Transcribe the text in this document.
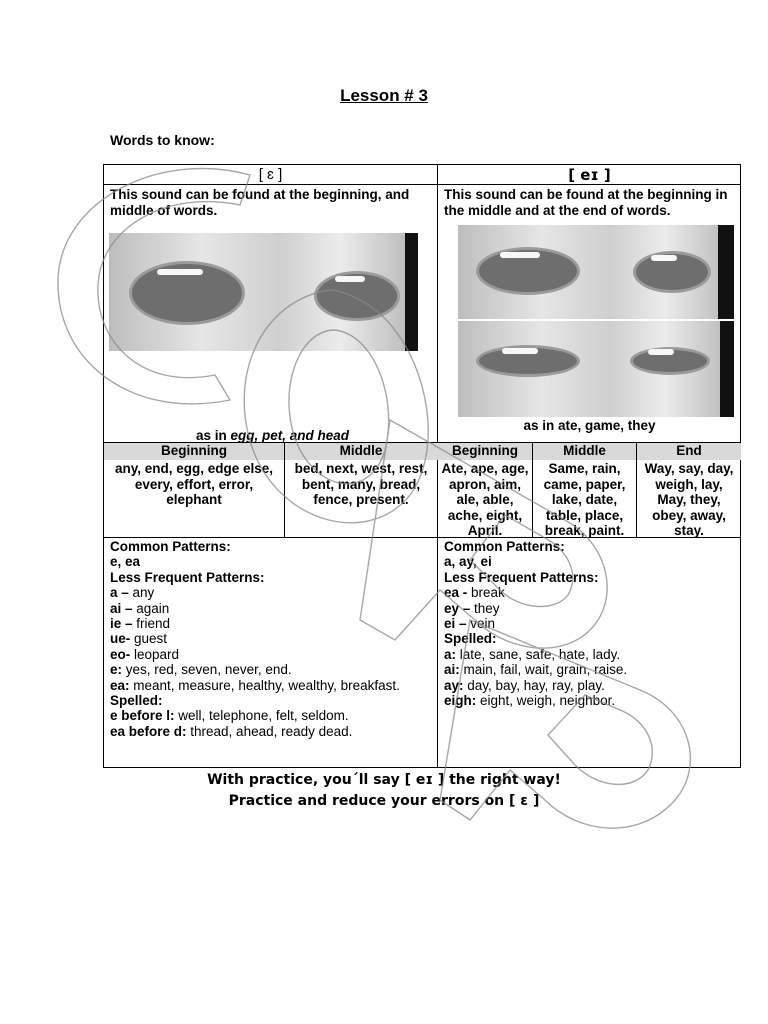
Lesson # 3
Words to know:
[ ɛ ]	[ eɪ ]
This sound can be found at the beginning, and middle of words.
This sound can be found at the beginning in the middle and at the end of words.
as in egg, pet, and head
as in ate, game, they
Beginning	Middle	Beginning	Middle	End
any, end, egg, edge else, every, effort, error, elephant
bed, next, west, rest, bent, many, bread, fence, present.
Ate, ape, age, apron, aim, ale, able, ache, eight, April.
Same, rain, came, paper, lake, date, table, place, break, paint.
Way, say, day, weigh, lay, May, they, obey, away, stay.
Common Patterns:
e, ea
Less Frequent Patterns:
a – any
ai – again
ie – friend
ue- guest
eo- leopard
e: yes, red, seven, never, end.
ea: meant, measure, healthy, wealthy, breakfast.
Spelled:
e before l: well, telephone, felt, seldom.
ea before d: thread, ahead, ready dead.
Common Patterns:
a, ay, ei
Less Frequent Patterns:
ea - break
ey – they
ei – vein
Spelled:
a: late, sane, safe, hate, lady.
ai: main, fail, wait, grain, raise.
ay: day, bay, hay, ray, play.
eigh: eight, weigh, neighbor.
With practice, you´ll say [ eɪ ] the right way!
Practice and reduce your errors on [ ɛ ]
